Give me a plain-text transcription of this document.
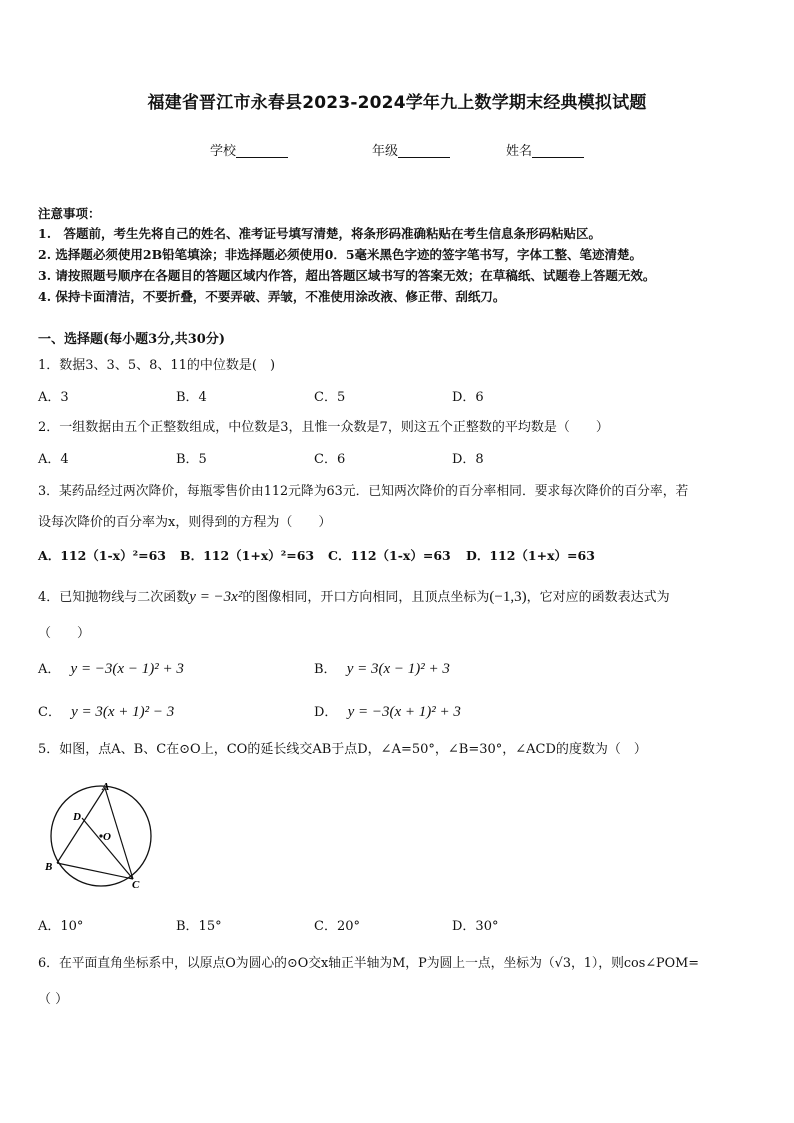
福建省晋江市永春县2023-2024学年九上数学期末经典模拟试题
学校	年级	姓名
注意事项：
1.　答题前，考生先将自己的姓名、准考证号填写清楚，将条形码准确粘贴在考生信息条形码粘贴区。
2. 选择题必须使用2B铅笔填涂；非选择题必须使用0．5毫米黑色字迹的签字笔书写，字体工整、笔迹清楚。
3. 请按照题号顺序在各题目的答题区域内作答，超出答题区域书写的答案无效；在草稿纸、试题卷上答题无效。
4. 保持卡面清洁，不要折叠，不要弄破、弄皱，不准使用涂改液、修正带、刮纸刀。
一、选择题(每小题3分,共30分)
1．数据3、3、5、8、11的中位数是(　)
A．3	B．4	C．5	D．6
2．一组数据由五个正整数组成，中位数是3，且惟一众数是7，则这五个正整数的平均数是（　　）
A．4	B．5	C．6	D．8
3．某药品经过两次降价，每瓶零售价由112元降为63元．已知两次降价的百分率相同．要求每次降价的百分率，若
设每次降价的百分率为x，则得到的方程为（　　）
A．112（1-x）²=63 B．112（1+x）²=63 C．112（1-x）=63 D．112（1+x）=63
4．已知抛物线与二次函数y = −3x²的图像相同，开口方向相同，且顶点坐标为(−1,3)，它对应的函数表达式为
（　　）
A． y = −3(x − 1)² + 3	B． y = 3(x − 1)² + 3
C． y = 3(x + 1)² − 3	D． y = −3(x + 1)² + 3
5．如图，点A、B、C在⊙O上，CO的延长线交AB于点D，∠A=50°，∠B=30°，∠ACD的度数为（　）
A
D
O
B
C
A．10°	B．15°	C．20°	D．30°
6．在平面直角坐标系中，以原点O为圆心的⊙O交x轴正半轴为M，P为圆上一点，坐标为（√3，1），则cos∠POM=
（ ）
